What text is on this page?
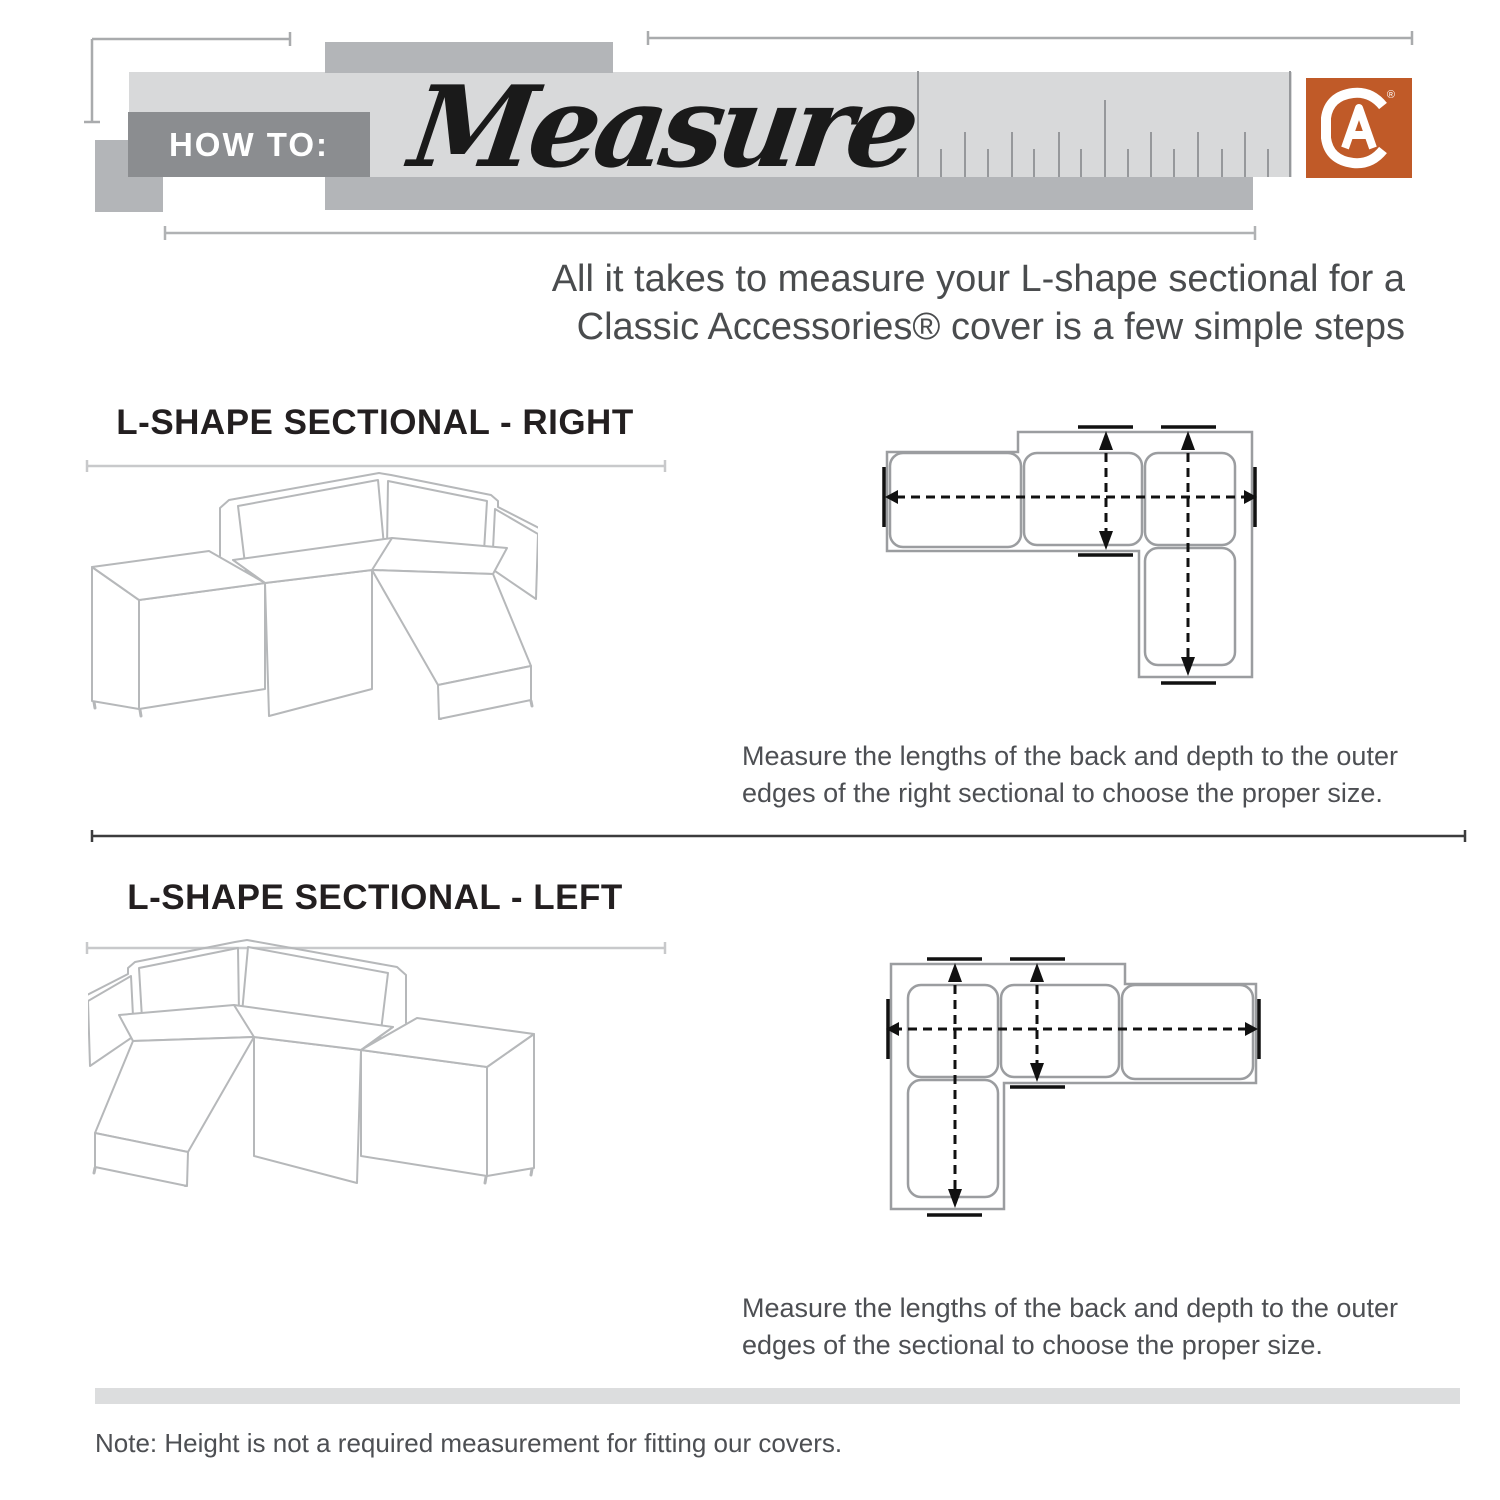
HOW TO: Measure	®
All it takes to measure your L-shape sectional for a
Classic Accessories® cover is a few simple steps
L-SHAPE SECTIONAL - RIGHT
Measure the lengths of the back and depth to the outer
edges of the right sectional to choose the proper size.
L-SHAPE SECTIONAL - LEFT
Measure the lengths of the back and depth to the outer
edges of the sectional to choose the proper size.
Note: Height is not a required measurement for fitting our covers.
